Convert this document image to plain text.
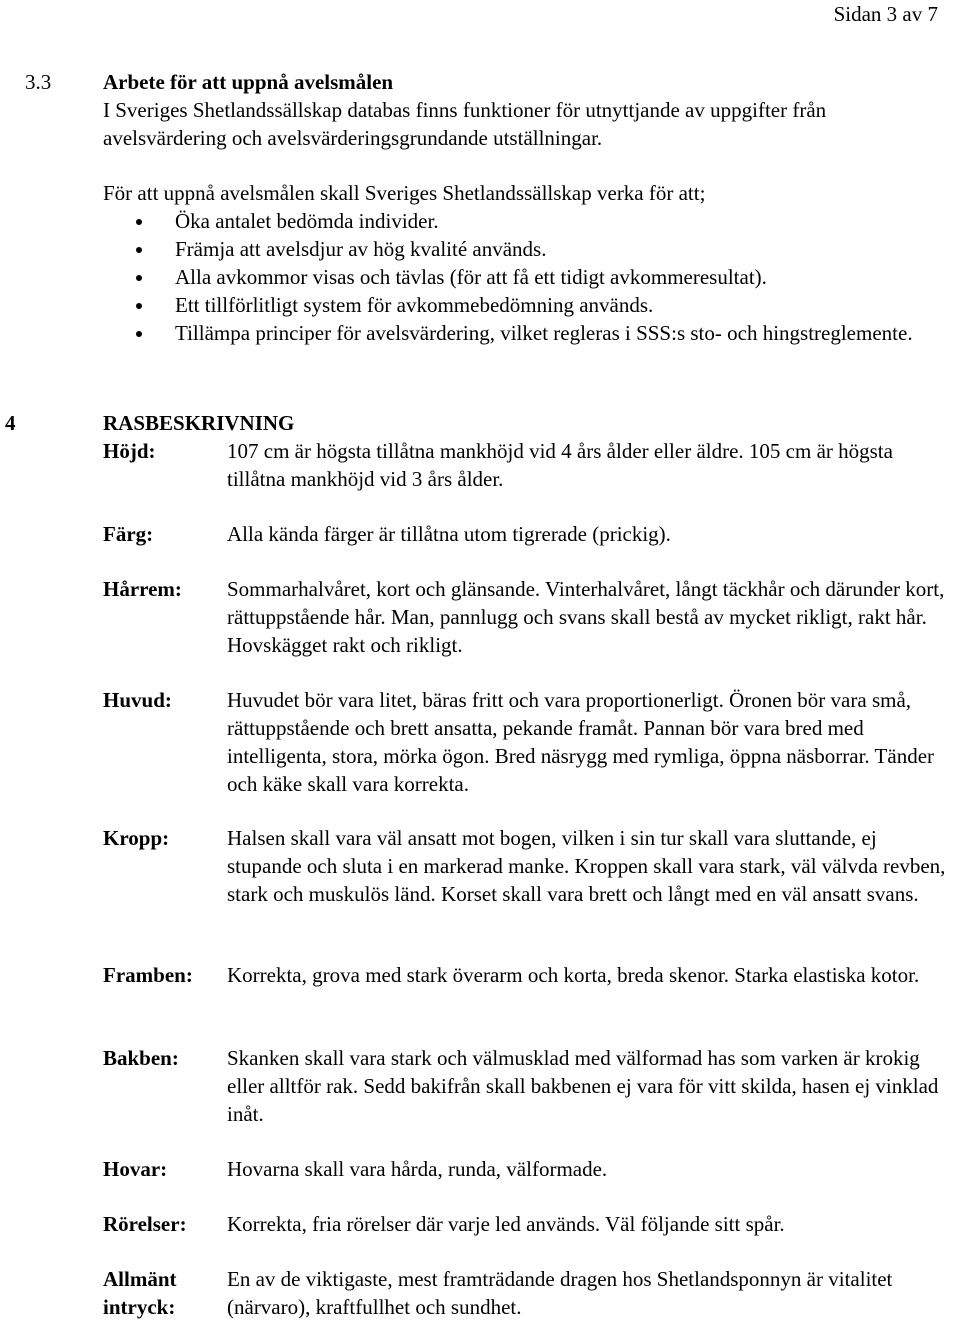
Sidan 3 av 7
3.3 Arbete för att uppnå avelsmålen
I Sveriges Shetlandssällskap databas finns funktioner för utnyttjande av uppgifter från avelsvärdering och avelsvärderingsgrundande utställningar.
För att uppnå avelsmålen skall Sveriges Shetlandssällskap verka för att;
Öka antalet bedömda individer.
Främja att avelsdjur av hög kvalité används.
Alla avkommor visas och tävlas (för att få ett tidigt avkommeresultat).
Ett tillförlitligt system för avkommebedömning används.
Tillämpa principer för avelsvärdering, vilket regleras i SSS:s sto- och hingstreglemente.
4	RASBESKRIVNING
Höjd:	107 cm är högsta tillåtna mankhöjd vid 4 års ålder eller äldre. 105 cm är högsta tillåtna mankhöjd vid 3 års ålder.
Färg:	Alla kända färger är tillåtna utom tigrerade (prickig).
Hårrem:	Sommarhalvåret, kort och glänsande. Vinterhalvåret, långt täckhår och därunder kort, rättuppstående hår. Man, pannlugg och svans skall bestå av mycket rikligt, rakt hår. Hovskägget rakt och rikligt.
Huvud:	Huvudet bör vara litet, bäras fritt och vara proportionerligt. Öronen bör vara små, rättuppstående och brett ansatta, pekande framåt. Pannan bör vara bred med intelligenta, stora, mörka ögon. Bred näsrygg med rymliga, öppna näsborrar. Tänder och käke skall vara korrekta.
Kropp:	Halsen skall vara väl ansatt mot bogen, vilken i sin tur skall vara sluttande, ej stupande och sluta i en markerad manke. Kroppen skall vara stark, väl välvda revben, stark och muskulös länd. Korset skall vara brett och långt med en väl ansatt svans.
Framben:	Korrekta, grova med stark överarm och korta, breda skenor. Starka elastiska kotor.
Bakben:	Skanken skall vara stark och välmusklad med välformad has som varken är krokig eller alltför rak. Sedd bakifrån skall bakbenen ej vara för vitt skilda, hasen ej vinklad inåt.
Hovar:	Hovarna skall vara hårda, runda, välformade.
Rörelser:	Korrekta, fria rörelser där varje led används. Väl följande sitt spår.
Allmänt intryck:
En av de viktigaste, mest framträdande dragen hos Shetlandsponnyn är vitalitet (närvaro), kraftfullhet och sundhet.
